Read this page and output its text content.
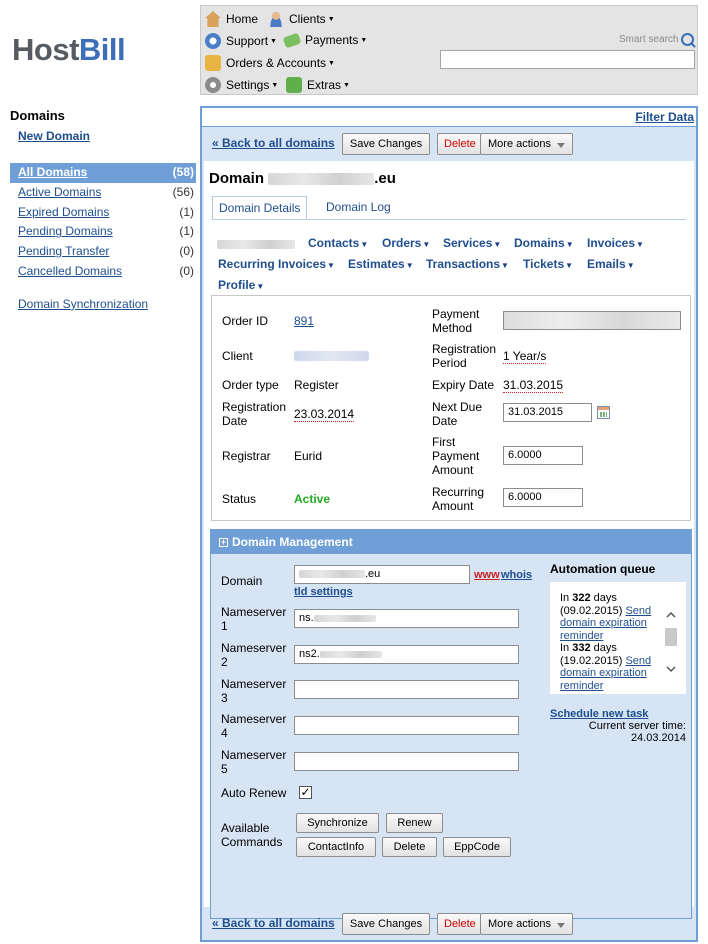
HostBill
Home	Clients ▼
Support ▼ Payments ▼
Orders & Accounts ▼
Settings ▼ Extras ▼
Smart search
Domains
New Domain
All Domains	(58)
Active Domains	(56)
Expired Domains	(1)
Pending Domains	(1)
Pending Transfer	(0)
Cancelled Domains	(0)
Domain Synchronization
Filter Data
« Back to all domains	Save Changes	Delete	More actions
Domain	.eu
Domain Details	Domain Log
Contacts▼ Orders▼ Services▼ Domains▼ Invoices▼
Recurring Invoices▼ Estimates▼ Transactions▼ Tickets▼ Emails▼
Profile▼
Order ID 891
Client
Order type Register
Registration Date	23.03.2014
Registrar Eurid
Status	Active
Payment Method
Registration Period	1 Year/s
Expiry Date 31.03.2015
Next Due Date
31.03.2015
First Payment Amount
6.0000
Recurring Amount
6.0000
+ Domain Management
Domain	.eu	www whois
tld settings
Nameserver 1
ns.
Nameserver 2
ns2.
Nameserver 3
Nameserver 4
Nameserver 5
Auto Renew ✓
Available Commands
Synchronize	Renew
ContactInfo	Delete	EppCode
Automation queue
In 322 days (09.02.2015) Send domain expiration reminder
In 332 days (19.02.2015) Send domain expiration reminder
Schedule new task
Current server time:
24.03.2014
« Back to all domains	Save Changes	Delete	More actions
